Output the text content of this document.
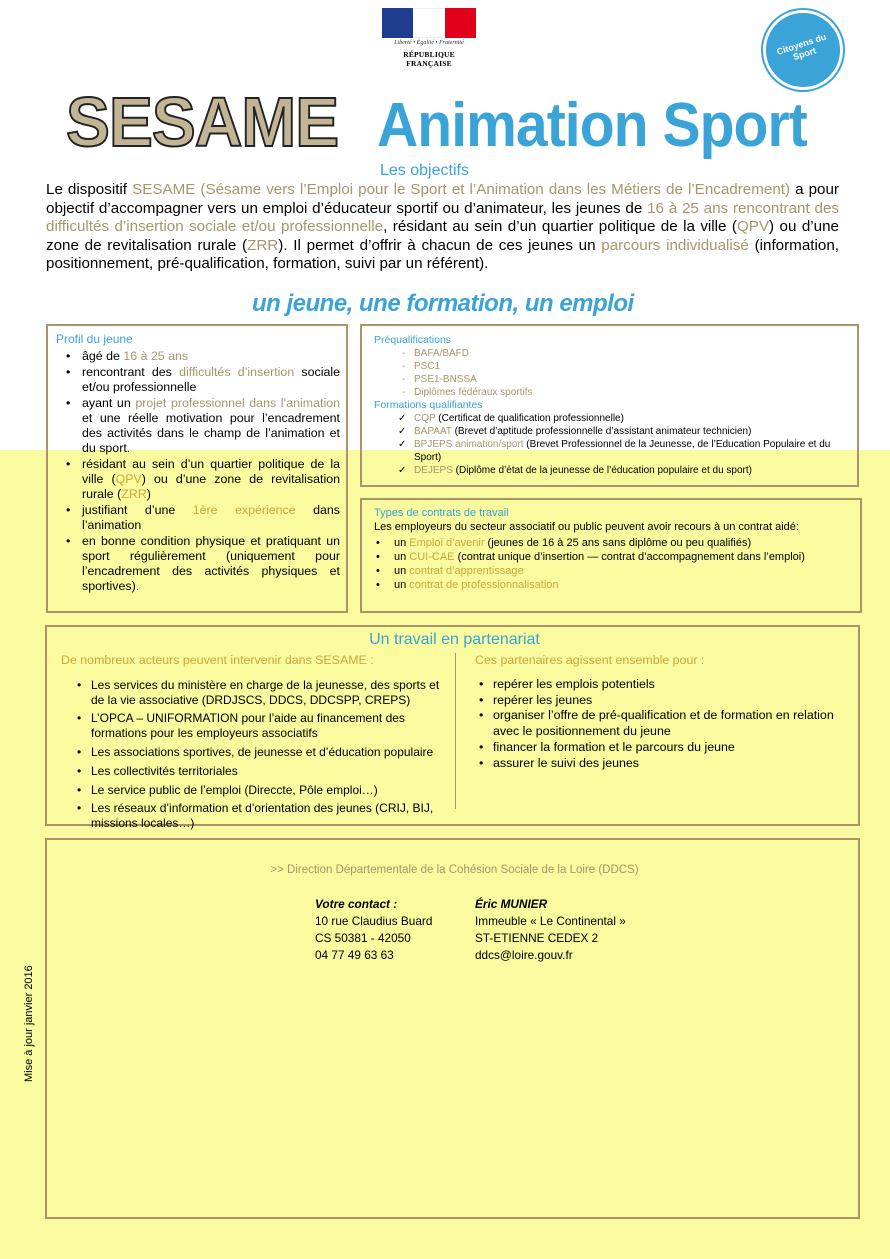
Liberté • Égalité • Fraternité
RÉPUBLIQUE FRANÇAISE
Citoyens du Sport
SESAME Animation Sport
Les objectifs
Le dispositif SESAME (Sésame vers l’Emploi pour le Sport et l’Animation dans les Métiers de l’Encadrement) a pour objectif d’accompagner vers un emploi d’éducateur sportif ou d’animateur, les jeunes de 16 à 25 ans rencontrant des difficultés d’insertion sociale et/ou professionnelle, résidant au sein d’un quartier politique de la ville (QPV) ou d’une zone de revitalisation rurale (ZRR). Il permet d’offrir à chacun de ces jeunes un parcours individualisé (information, positionnement, pré-qualification, formation, suivi par un référent).
un jeune, une formation, un emploi
Profil du jeune
• âgé de 16 à 25 ans
• rencontrant des difficultés d’insertion sociale et/ou professionnelle
• ayant un projet professionnel dans l’animation et une réelle motivation pour l’encadrement des activités dans le champ de l’animation et du sport.
• résidant au sein d’un quartier politique de la ville (QPV) ou d’une zone de revitalisation rurale (ZRR)
• justifiant d’une 1ère expérience dans l’animation
• en bonne condition physique et pratiquant un sport régulièrement (uniquement pour l’encadrement des activités physiques et sportives).
Préqualifications
- BAFA/BAFD
- PSC1
- PSE1-BNSSA
- Diplômes fédéraux sportifs
Formations qualifiantes
✓ CQP (Certificat de qualification professionnelle)
✓ BAPAAT (Brevet d’aptitude professionnelle d’assistant animateur technicien)
✓ BPJEPS animation/sport (Brevet Professionnel de la Jeunesse, de l’Education Populaire et du Sport)
✓ DEJEPS (Diplôme d’état de la jeunesse de l’éducation populaire et du sport)
Types de contrats de travail
Les employeurs du secteur associatif ou public peuvent avoir recours à un contrat aidé:
• un Emploi d’avenir (jeunes de 16 à 25 ans sans diplôme ou peu qualifiés)
• un CUI-CAE (contrat unique d’insertion — contrat d’accompagnement dans l’emploi)
• un contrat d’apprentissage
• un contrat de professionnalisation
Un travail en partenariat
De nombreux acteurs peuvent intervenir dans SESAME :
• Les services du ministère en charge de la jeunesse, des sports et de la vie associative (DRDJSCS, DDCS, DDCSPP, CREPS)
• L’OPCA – UNIFORMATION pour l’aide au financement des formations pour les employeurs associatifs
• Les associations sportives, de jeunesse et d’éducation populaire
• Les collectivités territoriales
• Le service public de l’emploi (Direccte, Pôle emploi…)
• Les réseaux d’information et d’orientation des jeunes (CRIJ, BIJ, missions locales…)
Ces partenaires agissent ensemble pour :
• repérer les emplois potentiels
• repérer les jeunes
• organiser l’offre de pré-qualification et de formation en relation avec le positionnement du jeune
• financer la formation et le parcours du jeune
• assurer le suivi des jeunes
>> Direction Départementale de la Cohésion Sociale de la Loire (DDCS)
Votre contact :	Éric MUNIER
10 rue Claudius Buard	Immeuble « Le Continental »
CS 50381 - 42050	ST-ETIENNE CEDEX 2
04 77 49 63 63	ddcs@loire.gouv.fr
Mise à jour janvier 2016
